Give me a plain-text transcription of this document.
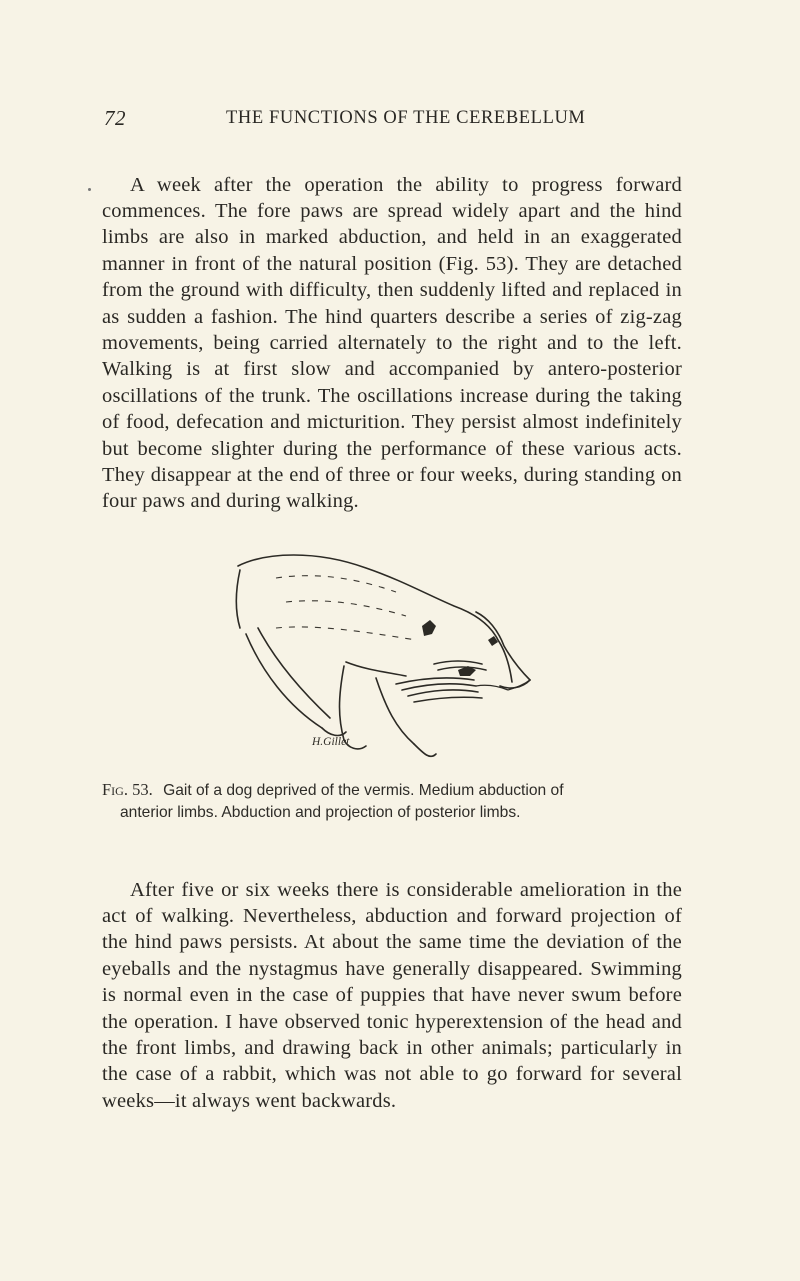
72	THE FUNCTIONS OF THE CEREBELLUM

A week after the operation the ability to progress forward commences. The fore paws are spread widely apart and the hind limbs are also in marked abduction, and held in an exaggerated manner in front of the natural position (Fig. 53). They are detached from the ground with difficulty, then suddenly lifted and replaced in as sudden a fashion. The hind quarters describe a series of zig-zag movements, being carried alternately to the right and to the left. Walking is at first slow and accompanied by antero-posterior oscillations of the trunk. The oscillations increase during the taking of food, defecation and micturition. They persist almost indefinitely but become slighter during the performance of these various acts. They disappear at the end of three or four weeks, during standing on four paws and during walking.

H.Gillet
Fig. 53. Gait of a dog deprived of the vermis. Medium abduction of
anterior limbs. Abduction and projection of posterior limbs.

After five or six weeks there is considerable amelioration in the act of walking. Nevertheless, abduction and forward projection of the hind paws persists. At about the same time the deviation of the eyeballs and the nystagmus have generally disappeared. Swimming is normal even in the case of puppies that have never swum before the operation. I have observed tonic hyperextension of the head and the front limbs, and drawing back in other animals; particularly in the case of a rabbit, which was not able to go forward for several weeks—it always went backwards.
